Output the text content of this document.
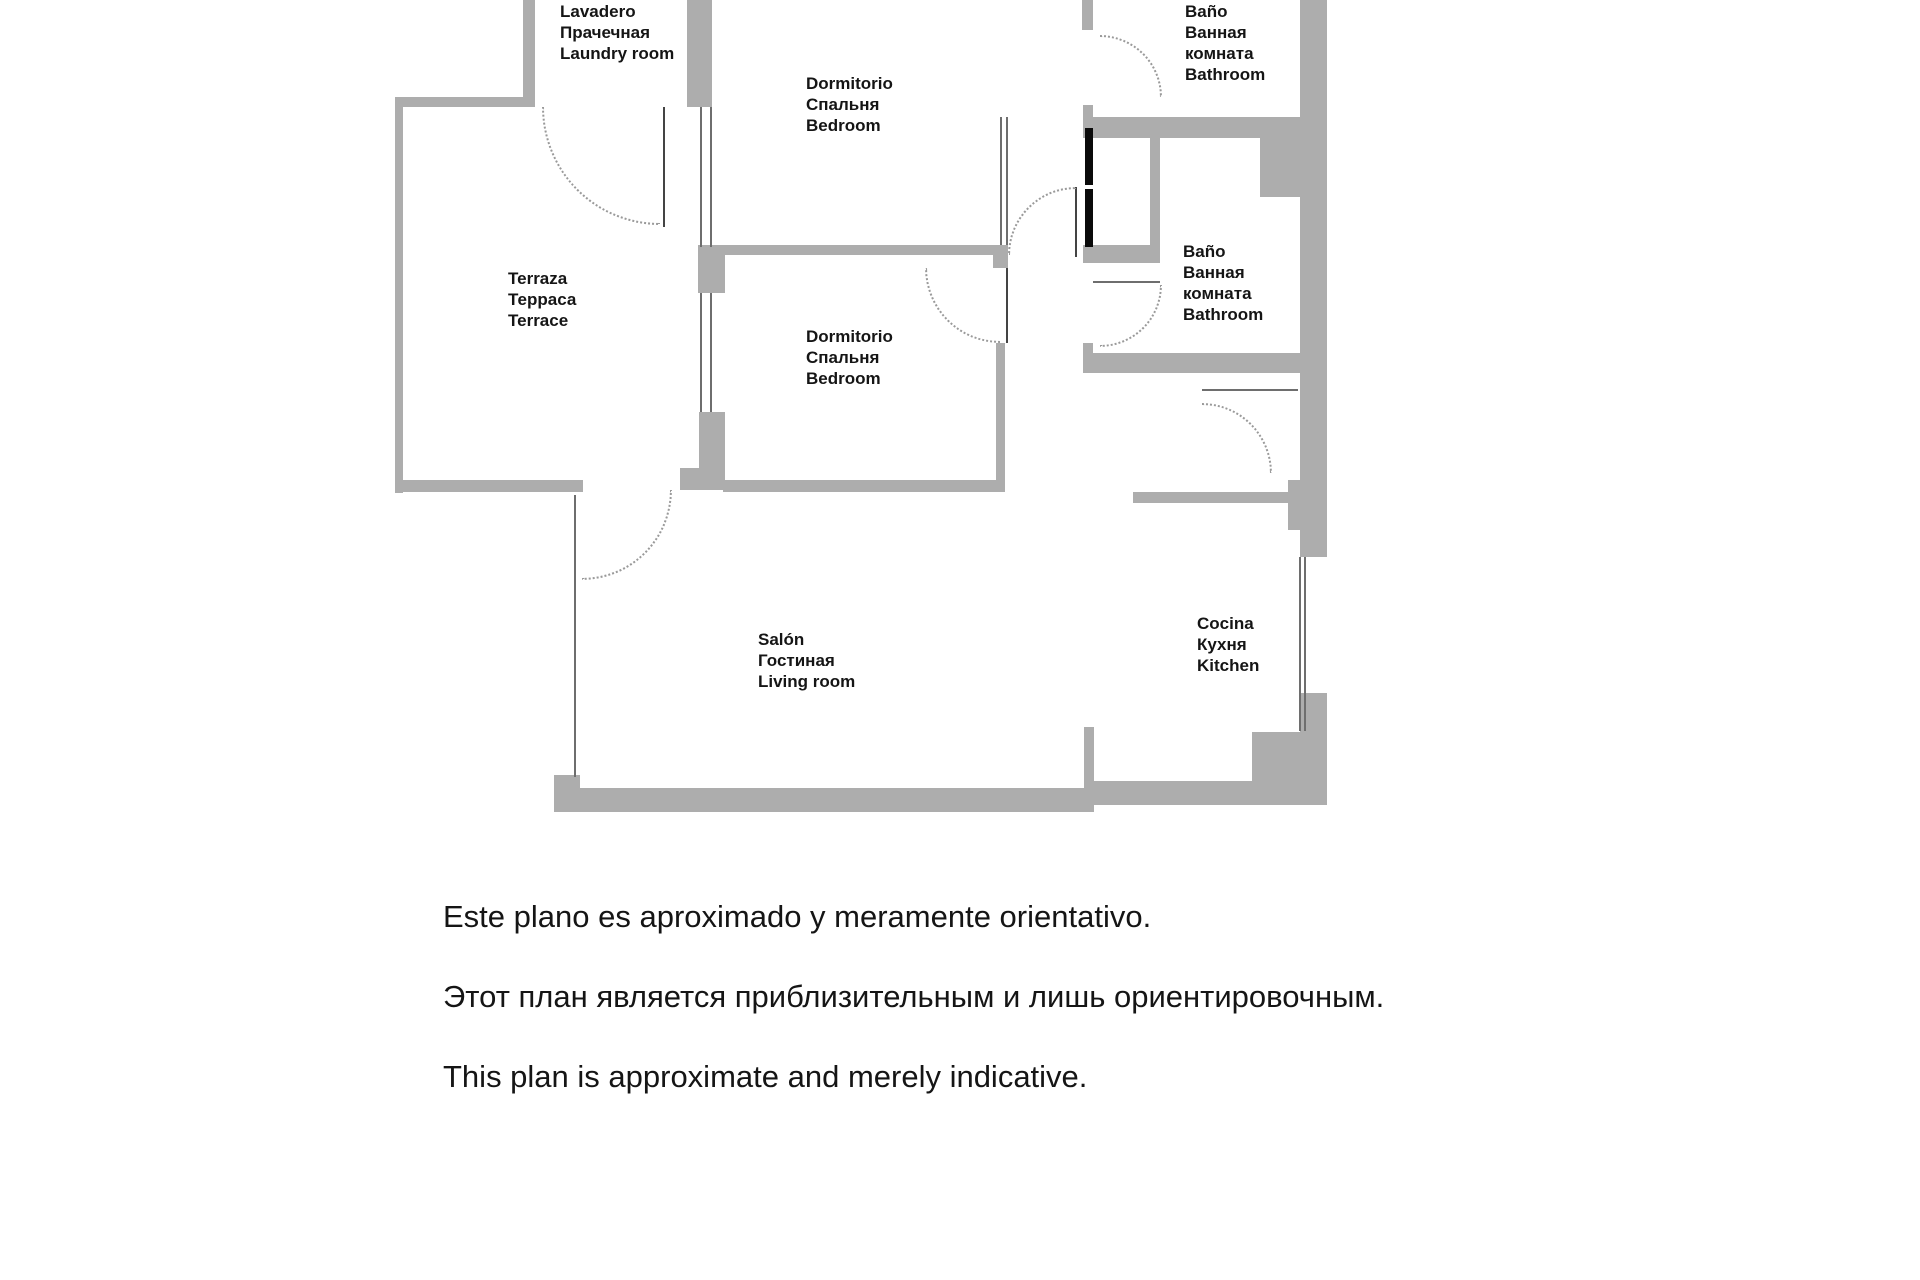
Lavadero
Прачечная
Laundry room
Dormitorio
Спальня
Bedroom
Baño
Ванная
комната
Bathroom
Terraza
Терраса
Terrace
Dormitorio
Спальня
Bedroom
Baño
Ванная
комната
Bathroom
Salón
Гостиная
Living room
Cocina
Кухня
Kitchen
Este plano es aproximado y meramente orientativo.
Этот план является приблизительным и лишь ориентировочным.
This plan is approximate and merely indicative.
